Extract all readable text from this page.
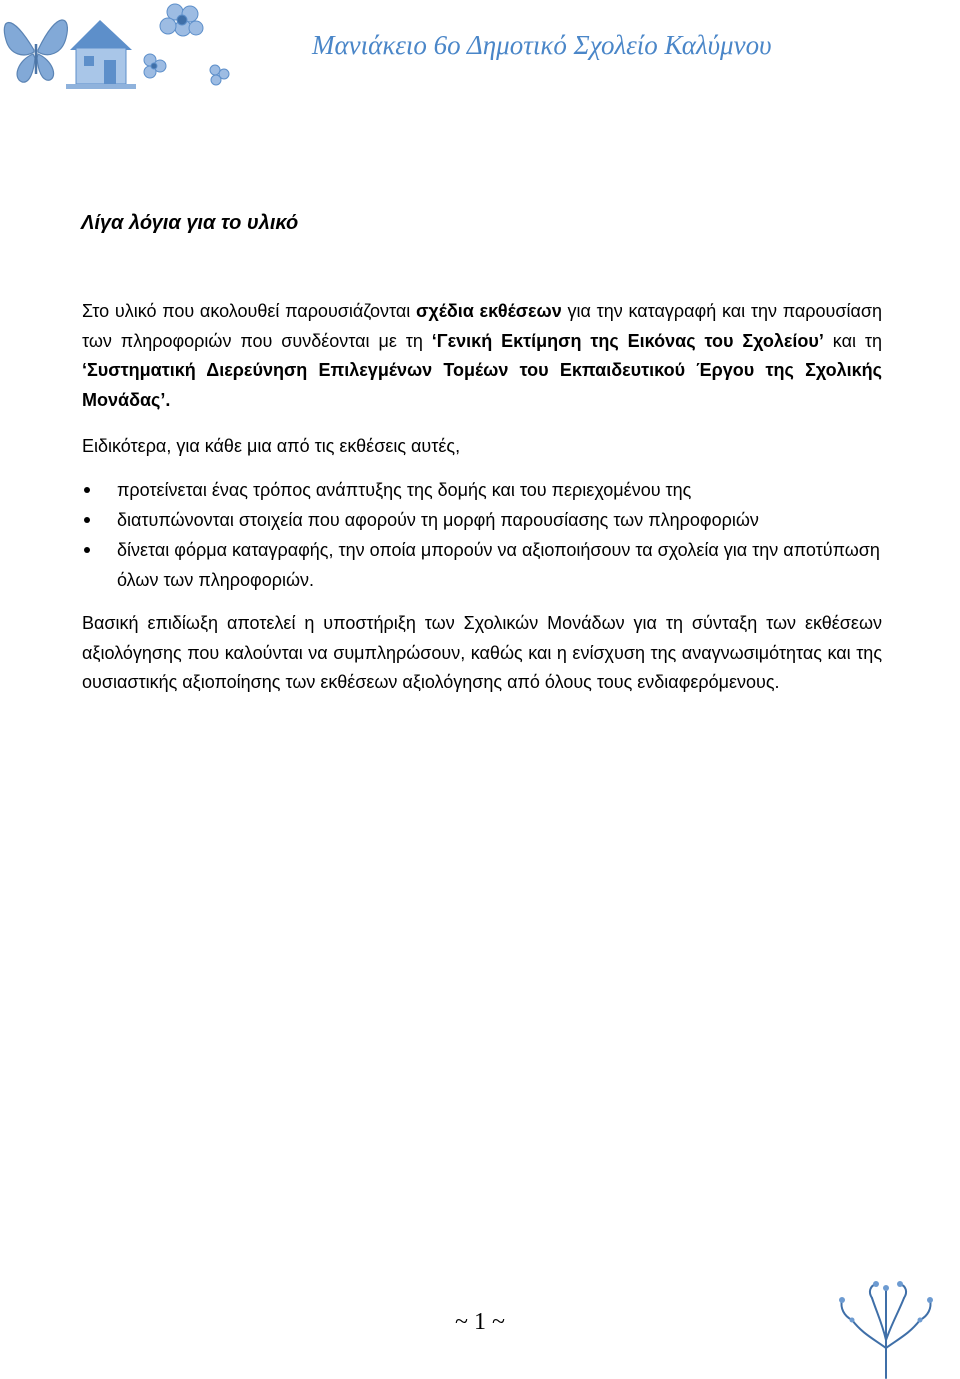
Μανιάκειο 6ο Δημοτικό Σχολείο Καλύμνου
Λίγα λόγια για το υλικό
Στο υλικό που ακολουθεί παρουσιάζονται σχέδια εκθέσεων για την καταγραφή και την παρουσίαση των πληροφοριών που συνδέονται με τη ‘Γενική Εκτίμηση της Εικόνας του Σχολείου’ και τη ‘Συστηματική Διερεύνηση Επιλεγμένων Τομέων του Εκπαιδευτικού Έργου της Σχολικής Μονάδας’.
Ειδικότερα, για κάθε μια από τις εκθέσεις αυτές,
προτείνεται ένας τρόπος ανάπτυξης της δομής και του περιεχομένου της
διατυπώνονται στοιχεία που αφορούν τη μορφή παρουσίασης των πληροφοριών
δίνεται φόρμα καταγραφής, την οποία μπορούν να αξιοποιήσουν τα σχολεία για την αποτύπωση όλων των πληροφοριών.
Βασική επιδίωξη αποτελεί η υποστήριξη των Σχολικών Μονάδων για τη σύνταξη των εκθέσεων αξιολόγησης που καλούνται να συμπληρώσουν, καθώς και η ενίσχυση της αναγνωσιμότητας και της ουσιαστικής αξιοποίησης των εκθέσεων αξιολόγησης από όλους τους ενδιαφερόμενους.
~ 1 ~
